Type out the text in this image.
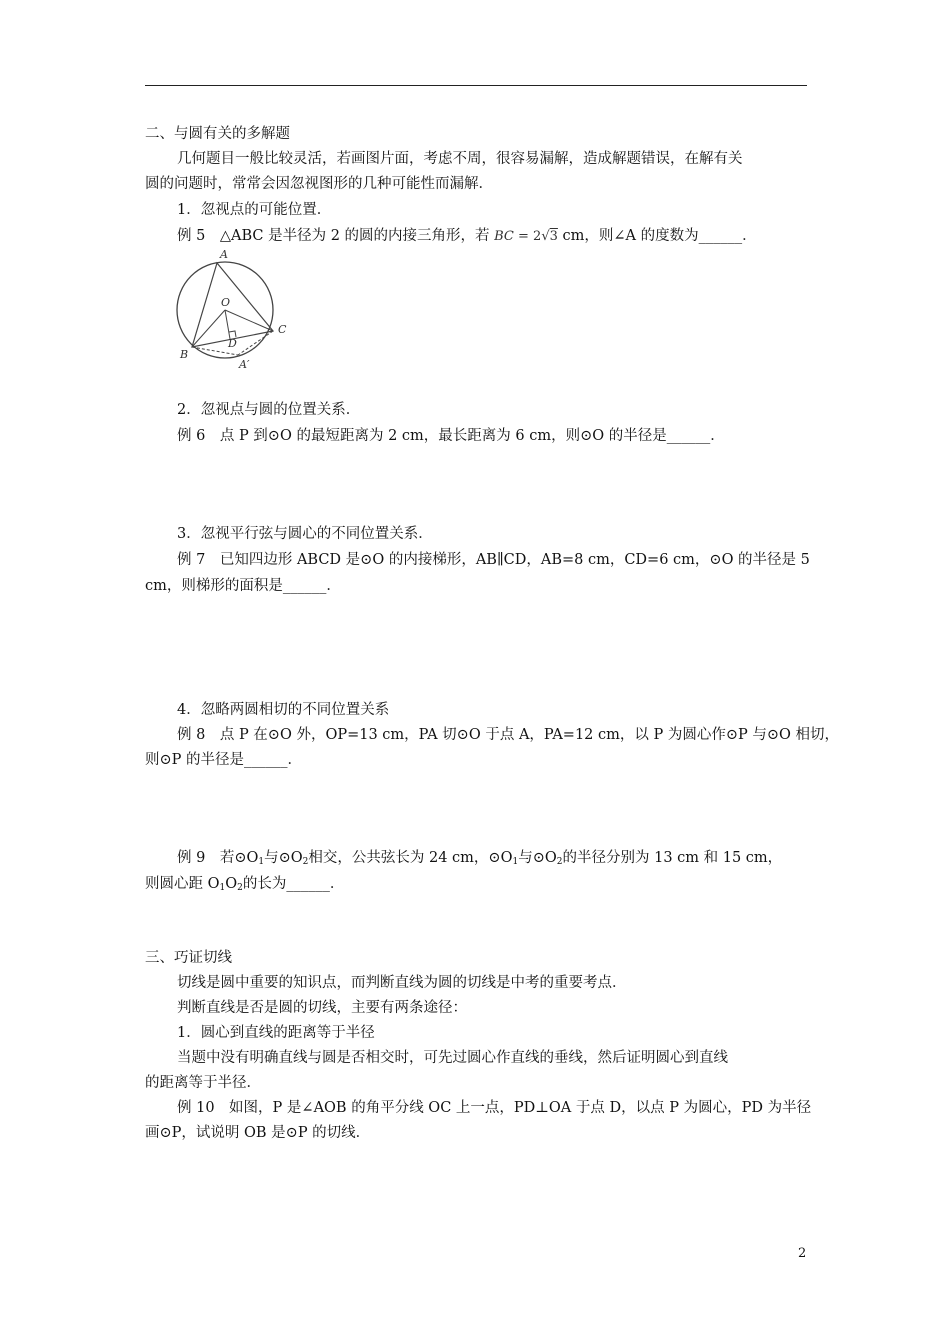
二、与圆有关的多解题
几何题目一般比较灵活，若画图片面，考虑不周，很容易漏解，造成解题错误，在解有关
圆的问题时，常常会因忽视图形的几种可能性而漏解．
1．忽视点的可能位置．
例 5　△ABC 是半径为 2 的圆的内接三角形，若 BC = 2√3 cm，则∠A 的度数为______．
A
O
B
C
D
A′
2．忽视点与圆的位置关系．
例 6　点 P 到⊙O 的最短距离为 2 cm，最长距离为 6 cm，则⊙O 的半径是______．
3．忽视平行弦与圆心的不同位置关系．
例 7　已知四边形 ABCD 是⊙O 的内接梯形，AB∥CD，AB=8 cm，CD=6 cm，⊙O 的半径是 5
cm，则梯形的面积是______．
4．忽略两圆相切的不同位置关系
例 8　点 P 在⊙O 外，OP=13 cm，PA 切⊙O 于点 A，PA=12 cm，以 P 为圆心作⊙P 与⊙O 相切，
则⊙P 的半径是______．
例 9　若$⊙O_1$与$⊙O_2$相交，公共弦长为 24 cm，$⊙O_1$与$⊙O_2$的半径分别为 13 cm 和 15 cm，
则圆心距 $O_1O_2$的长为______．
三、巧证切线
切线是圆中重要的知识点，而判断直线为圆的切线是中考的重要考点．
判断直线是否是圆的切线，主要有两条途径：
1．圆心到直线的距离等于半径
当题中没有明确直线与圆是否相交时，可先过圆心作直线的垂线，然后证明圆心到直线
的距离等于半径．
例 10　如图，P 是∠AOB 的角平分线 OC 上一点，PD⊥OA 于点 D，以点 P 为圆心，PD 为半径
画⊙P，试说明 OB 是⊙P 的切线．
2
